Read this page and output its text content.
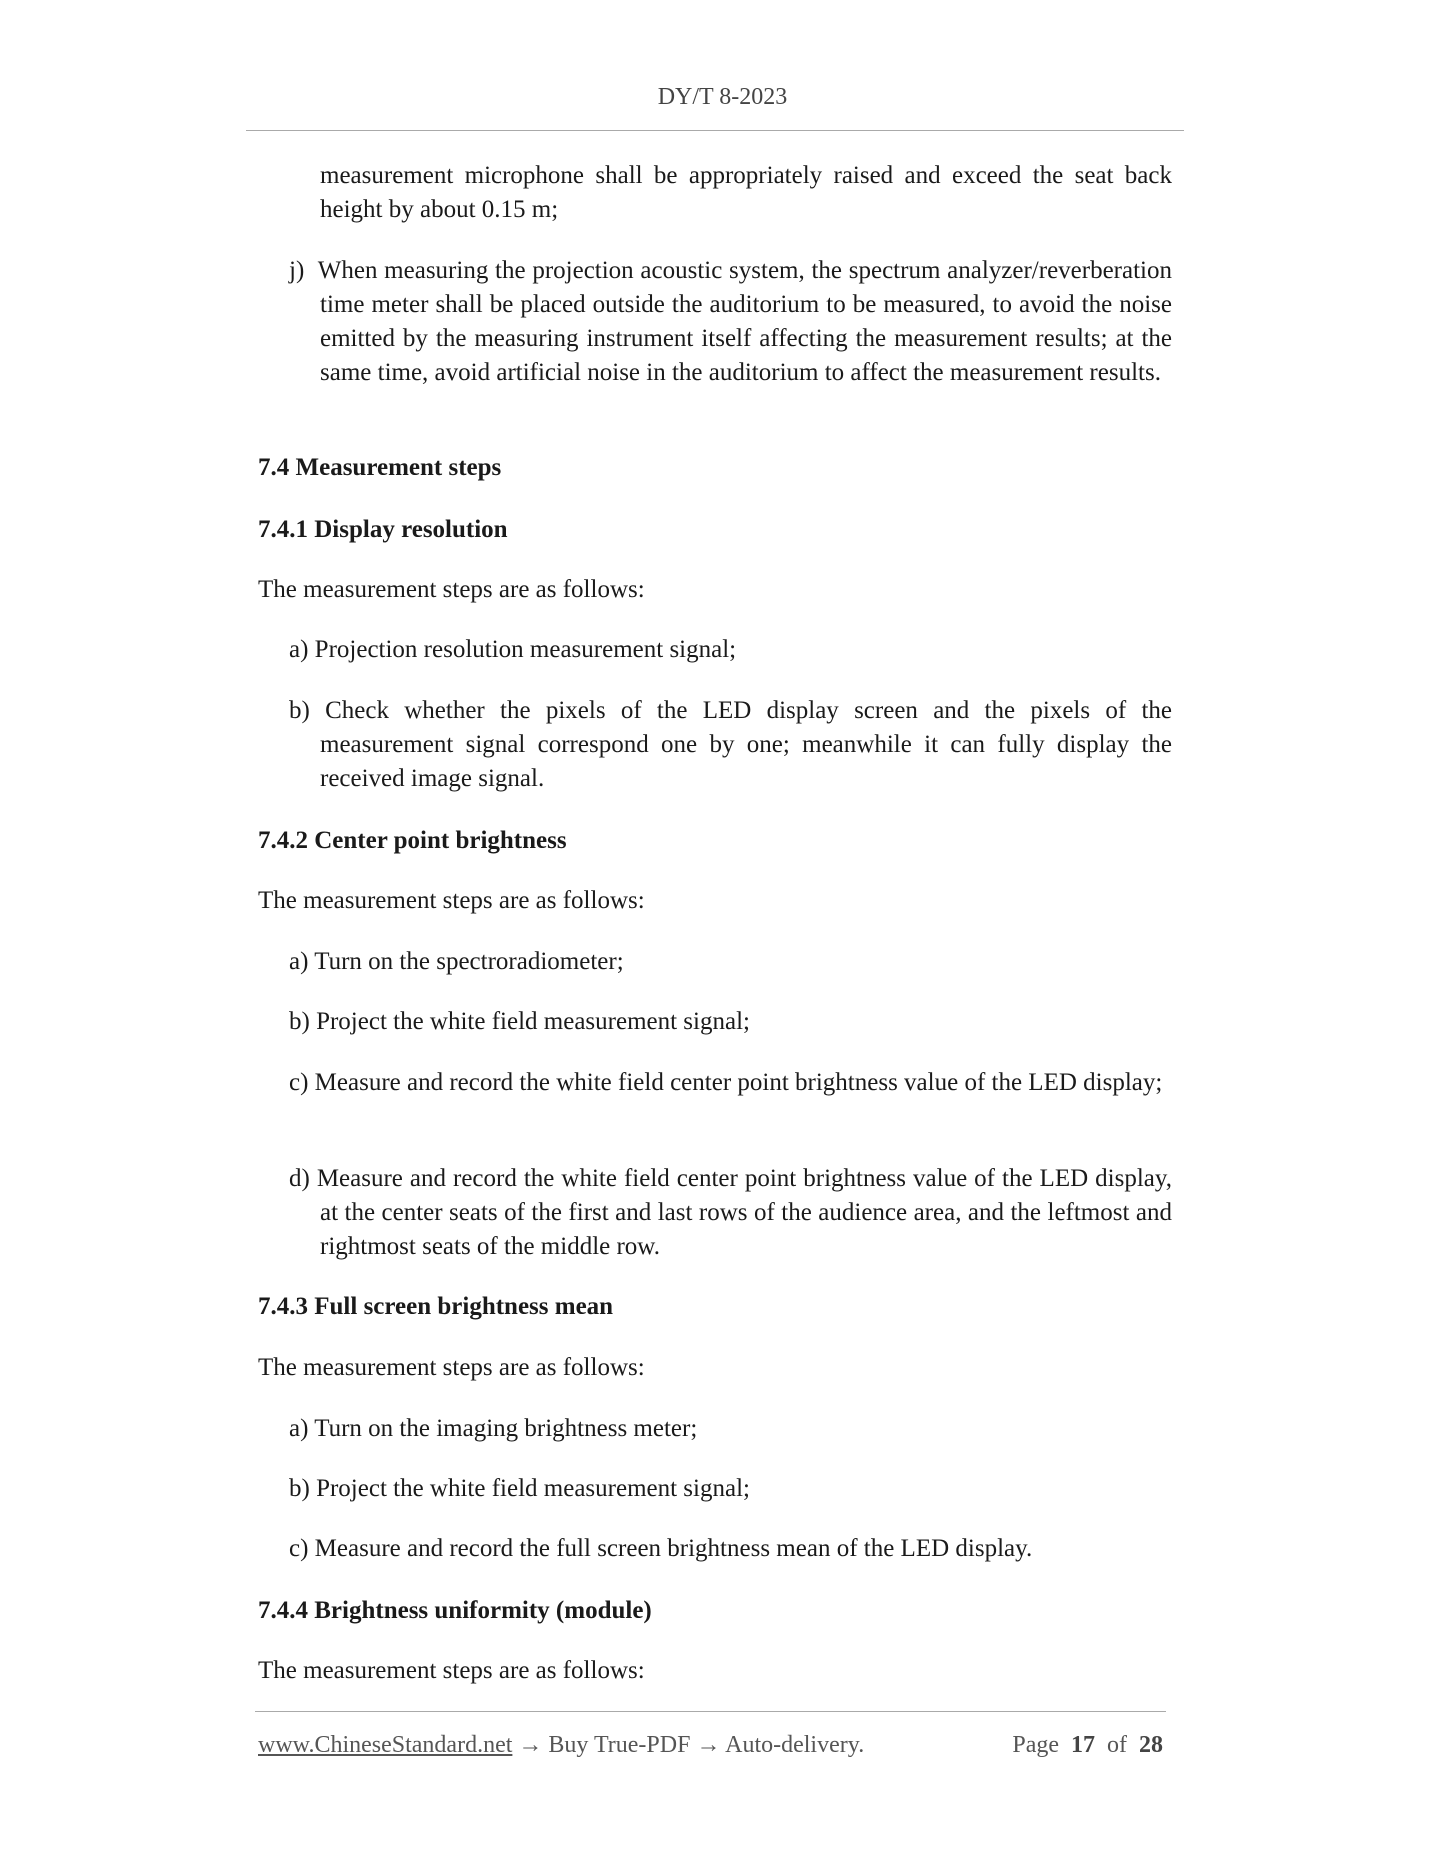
DY/T 8-2023
measurement microphone shall be appropriately raised and exceed the seat back height by about 0.15 m;
j) When measuring the projection acoustic system, the spectrum analyzer/reverberation time meter shall be placed outside the auditorium to be measured, to avoid the noise emitted by the measuring instrument itself affecting the measurement results; at the same time, avoid artificial noise in the auditorium to affect the measurement results.
7.4 Measurement steps
7.4.1 Display resolution
The measurement steps are as follows:
a) Projection resolution measurement signal;
b) Check whether the pixels of the LED display screen and the pixels of the measurement signal correspond one by one; meanwhile it can fully display the received image signal.
7.4.2 Center point brightness
The measurement steps are as follows:
a) Turn on the spectroradiometer;
b) Project the white field measurement signal;
c) Measure and record the white field center point brightness value of the LED display;
d) Measure and record the white field center point brightness value of the LED display, at the center seats of the first and last rows of the audience area, and the leftmost and rightmost seats of the middle row.
7.4.3 Full screen brightness mean
The measurement steps are as follows:
a) Turn on the imaging brightness meter;
b) Project the white field measurement signal;
c) Measure and record the full screen brightness mean of the LED display.
7.4.4 Brightness uniformity (module)
The measurement steps are as follows:
www.ChineseStandard.net → Buy True-PDF → Auto-delivery.	Page 17 of 28
